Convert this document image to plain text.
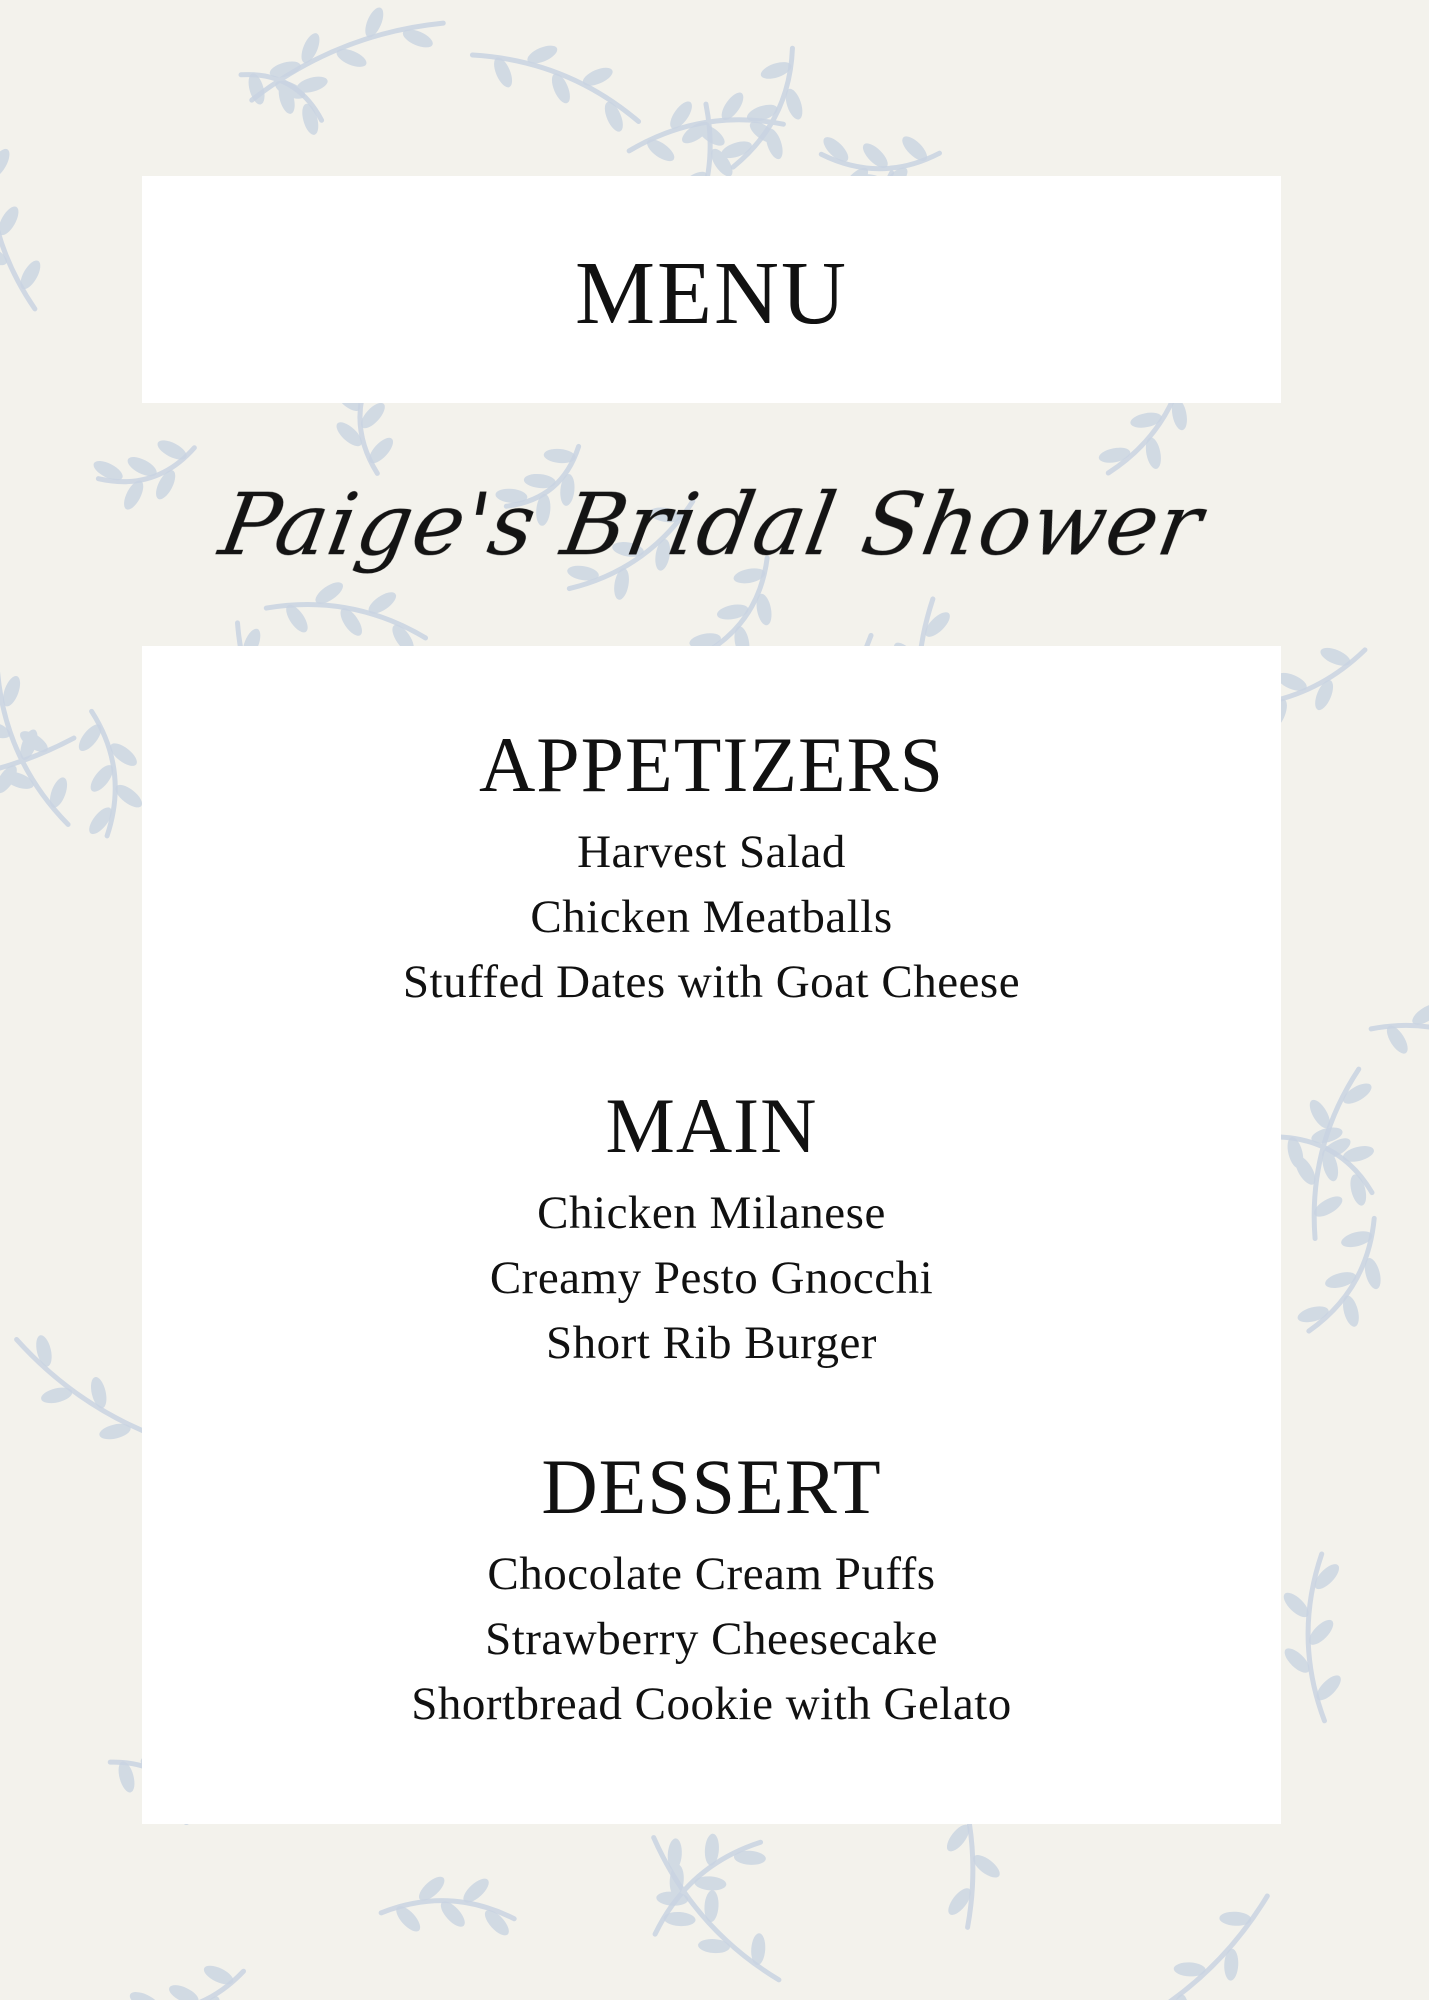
MENU
Paige's Bridal Shower
APPETIZERS

Harvest Salad

Chicken Meatballs

Stuffed Dates with Goat Cheese

MAIN

Chicken Milanese

Creamy Pesto Gnocchi

Short Rib Burger

DESSERT

Chocolate Cream Puffs

Strawberry Cheesecake

Shortbread Cookie with Gelato
